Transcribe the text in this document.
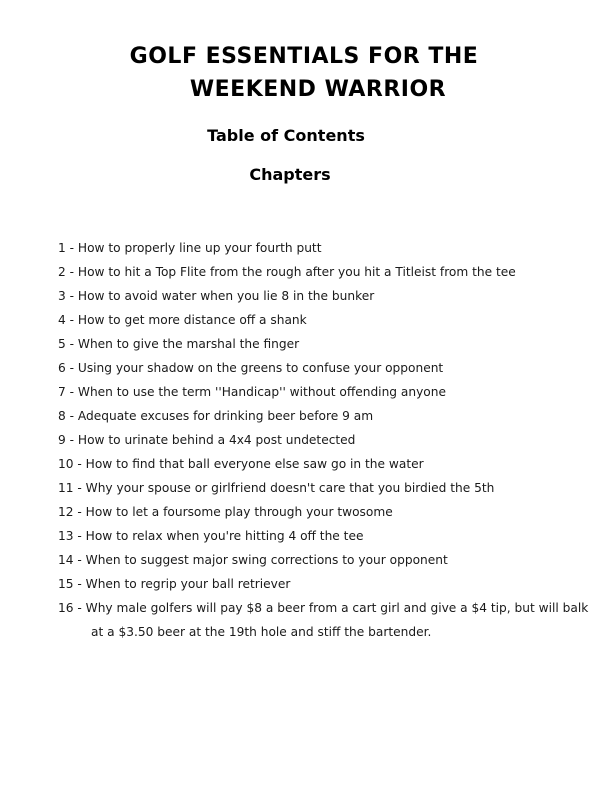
GOLF ESSENTIALS FOR THE
WEEKEND WARRIOR
Table of Contents
Chapters
1 - How to properly line up your fourth putt
2 - How to hit a Top Flite from the rough after you hit a Titleist from the tee
3 - How to avoid water when you lie 8 in the bunker
4 - How to get more distance off a shank
5 - When to give the marshal the finger
6 - Using your shadow on the greens to confuse your opponent
7 - When to use the term ''Handicap'' without offending anyone
8 - Adequate excuses for drinking beer before 9 am
9 - How to urinate behind a 4x4 post undetected
10 - How to find that ball everyone else saw go in the water
11 - Why your spouse or girlfriend doesn't care that you birdied the 5th
12 - How to let a foursome play through your twosome
13 - How to relax when you're hitting 4 off the tee
14 - When to suggest major swing corrections to your opponent
15 - When to regrip your ball retriever
16 - Why male golfers will pay $8 a beer from a cart girl and give a $4 tip, but will balk at a $3.50 beer at the 19th hole and stiff the bartender.
